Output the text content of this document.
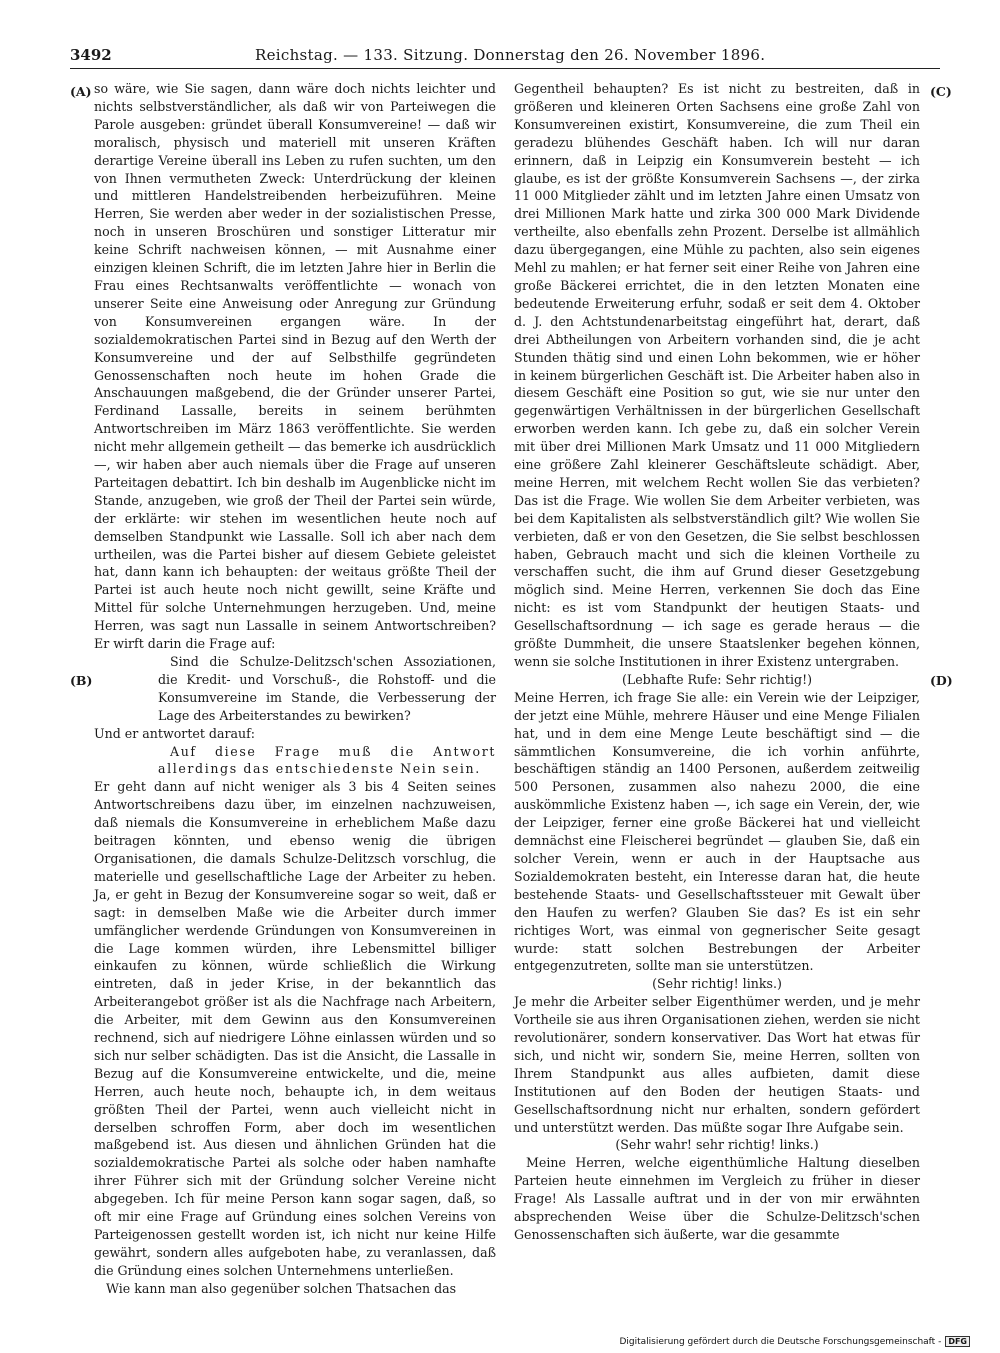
3492	Reichstag. — 133. Sitzung. Donnerstag den 26. November 1896.
(A)
(B)
(C)
(D)

so wäre, wie Sie sagen, dann wäre doch nichts leichter und nichts selbstverständlicher, als daß wir von Parteiwegen die Parole ausgeben: gründet überall Konsumvereine! — daß wir moralisch, physisch und materiell mit unseren Kräften derartige Vereine überall ins Leben zu rufen suchten, um den von Ihnen vermutheten Zweck: Unterdrückung der kleinen und mittleren Handelstreibenden herbeizuführen. Meine Herren, Sie werden aber weder in der sozialistischen Presse, noch in unseren Broschüren und sonstiger Litteratur mir keine Schrift nachweisen können, — mit Ausnahme einer einzigen kleinen Schrift, die im letzten Jahre hier in Berlin die Frau eines Rechtsanwalts veröffentlichte — wonach von unserer Seite eine Anweisung oder Anregung zur Gründung von Konsumvereinen ergangen wäre. In der sozialdemokratischen Partei sind in Bezug auf den Werth der Konsumvereine und der auf Selbsthilfe gegründeten Genossenschaften noch heute im hohen Grade die Anschauungen maßgebend, die der Gründer unserer Partei, Ferdinand Lassalle, bereits in seinem berühmten Antwortschreiben im März 1863 veröffentlichte. Sie werden nicht mehr allgemein getheilt — das bemerke ich ausdrücklich —, wir haben aber auch niemals über die Frage auf unseren Parteitagen debattirt. Ich bin deshalb im Augenblicke nicht im Stande, anzugeben, wie groß der Theil der Partei sein würde, der erklärte: wir stehen im wesentlichen heute noch auf demselben Standpunkt wie Lassalle. Soll ich aber nach dem urtheilen, was die Partei bisher auf diesem Gebiete geleistet hat, dann kann ich behaupten: der weitaus größte Theil der Partei ist auch heute noch nicht gewillt, seine Kräfte und Mittel für solche Unternehmungen herzugeben. Und, meine Herren, was sagt nun Lassalle in seinem Antwortschreiben? Er wirft darin die Frage auf:

Sind die Schulze-Delitzsch'schen Assoziationen, die Kredit- und Vorschuß-, die Rohstoff- und die Konsumvereine im Stande, die Verbesserung der Lage des Arbeiterstandes zu bewirken?

Und er antwortet darauf:

Auf diese Frage muß die Antwort allerdings das entschiedenste Nein sein.

Er geht dann auf nicht weniger als 3 bis 4 Seiten seines Antwortschreibens dazu über, im einzelnen nachzuweisen, daß niemals die Konsumvereine in erheblichem Maße dazu beitragen könnten, und ebenso wenig die übrigen Organisationen, die damals Schulze-Delitzsch vorschlug, die materielle und gesellschaftliche Lage der Arbeiter zu heben. Ja, er geht in Bezug der Konsumvereine sogar so weit, daß er sagt: in demselben Maße wie die Arbeiter durch immer umfänglicher werdende Gründungen von Konsumvereinen in die Lage kommen würden, ihre Lebensmittel billiger einkaufen zu können, würde schließlich die Wirkung eintreten, daß in jeder Krise, in der bekanntlich das Arbeiterangebot größer ist als die Nachfrage nach Arbeitern, die Arbeiter, mit dem Gewinn aus den Konsumvereinen rechnend, sich auf niedrigere Löhne einlassen würden und so sich nur selber schädigten. Das ist die Ansicht, die Lassalle in Bezug auf die Konsumvereine entwickelte, und die, meine Herren, auch heute noch, behaupte ich, in dem weitaus größten Theil der Partei, wenn auch vielleicht nicht in derselben schroffen Form, aber doch im wesentlichen maßgebend ist. Aus diesen und ähnlichen Gründen hat die sozialdemokratische Partei als solche oder haben namhafte ihrer Führer sich mit der Gründung solcher Vereine nicht abgegeben. Ich für meine Person kann sogar sagen, daß, so oft mir eine Frage auf Gründung eines solchen Vereins von Parteigenossen gestellt worden ist, ich nicht nur keine Hilfe gewährt, sondern alles aufgeboten habe, zu veranlassen, daß die Gründung eines solchen Unternehmens unterließen.

Wie kann man also gegenüber solchen Thatsachen das

Gegentheil behaupten? Es ist nicht zu bestreiten, daß in größeren und kleineren Orten Sachsens eine große Zahl von Konsumvereinen existirt, Konsumvereine, die zum Theil ein geradezu blühendes Geschäft haben. Ich will nur daran erinnern, daß in Leipzig ein Konsumverein besteht — ich glaube, es ist der größte Konsumverein Sachsens —, der zirka 11 000 Mitglieder zählt und im letzten Jahre einen Umsatz von drei Millionen Mark hatte und zirka 300 000 Mark Dividende vertheilte, also ebenfalls zehn Prozent. Derselbe ist allmählich dazu übergegangen, eine Mühle zu pachten, also sein eigenes Mehl zu mahlen; er hat ferner seit einer Reihe von Jahren eine große Bäckerei errichtet, die in den letzten Monaten eine bedeutende Erweiterung erfuhr, sodaß er seit dem 4. Oktober d. J. den Achtstundenarbeitstag eingeführt hat, derart, daß drei Abtheilungen von Arbeitern vorhanden sind, die je acht Stunden thätig sind und einen Lohn bekommen, wie er höher in keinem bürgerlichen Geschäft ist. Die Arbeiter haben also in diesem Geschäft eine Position so gut, wie sie nur unter den gegenwärtigen Verhältnissen in der bürgerlichen Gesellschaft erworben werden kann. Ich gebe zu, daß ein solcher Verein mit über drei Millionen Mark Umsatz und 11 000 Mitgliedern eine größere Zahl kleinerer Geschäftsleute schädigt. Aber, meine Herren, mit welchem Recht wollen Sie das verbieten? Das ist die Frage. Wie wollen Sie dem Arbeiter verbieten, was bei dem Kapitalisten als selbstverständlich gilt? Wie wollen Sie verbieten, daß er von den Gesetzen, die Sie selbst beschlossen haben, Gebrauch macht und sich die kleinen Vortheile zu verschaffen sucht, die ihm auf Grund dieser Gesetzgebung möglich sind. Meine Herren, verkennen Sie doch das Eine nicht: es ist vom Standpunkt der heutigen Staats- und Gesellschaftsordnung — ich sage es gerade heraus — die größte Dummheit, die unsere Staatslenker begehen können, wenn sie solche Institutionen in ihrer Existenz untergraben.

(Lebhafte Rufe: Sehr richtig!)

Meine Herren, ich frage Sie alle: ein Verein wie der Leipziger, der jetzt eine Mühle, mehrere Häuser und eine Menge Filialen hat, und in dem eine Menge Leute beschäftigt sind — die sämmtlichen Konsumvereine, die ich vorhin anführte, beschäftigen ständig an 1400 Personen, außerdem zeitweilig 500 Personen, zusammen also nahezu 2000, die eine auskömmliche Existenz haben —, ich sage ein Verein, der, wie der Leipziger, ferner eine große Bäckerei hat und vielleicht demnächst eine Fleischerei begründet — glauben Sie, daß ein solcher Verein, wenn er auch in der Hauptsache aus Sozialdemokraten besteht, ein Interesse daran hat, die heute bestehende Staats- und Gesellschaftssteuer mit Gewalt über den Haufen zu werfen? Glauben Sie das? Es ist ein sehr richtiges Wort, was einmal von gegnerischer Seite gesagt wurde: statt solchen Bestrebungen der Arbeiter entgegenzutreten, sollte man sie unterstützen.

(Sehr richtig! links.)

Je mehr die Arbeiter selber Eigenthümer werden, und je mehr Vortheile sie aus ihren Organisationen ziehen, werden sie nicht revolutionärer, sondern konservativer. Das Wort hat etwas für sich, und nicht wir, sondern Sie, meine Herren, sollten von Ihrem Standpunkt aus alles aufbieten, damit diese Institutionen auf den Boden der heutigen Staats- und Gesellschaftsordnung nicht nur erhalten, sondern gefördert und unterstützt werden. Das müßte sogar Ihre Aufgabe sein.

(Sehr wahr! sehr richtig! links.)

Meine Herren, welche eigenthümliche Haltung dieselben Parteien heute einnehmen im Vergleich zu früher in dieser Frage! Als Lassalle auftrat und in der von mir erwähnten absprechenden Weise über die Schulze-Delitzsch'schen Genossenschaften sich äußerte, war die gesammte

Digitalisierung gefördert durch die Deutsche Forschungsgemeinschaft - DFG
